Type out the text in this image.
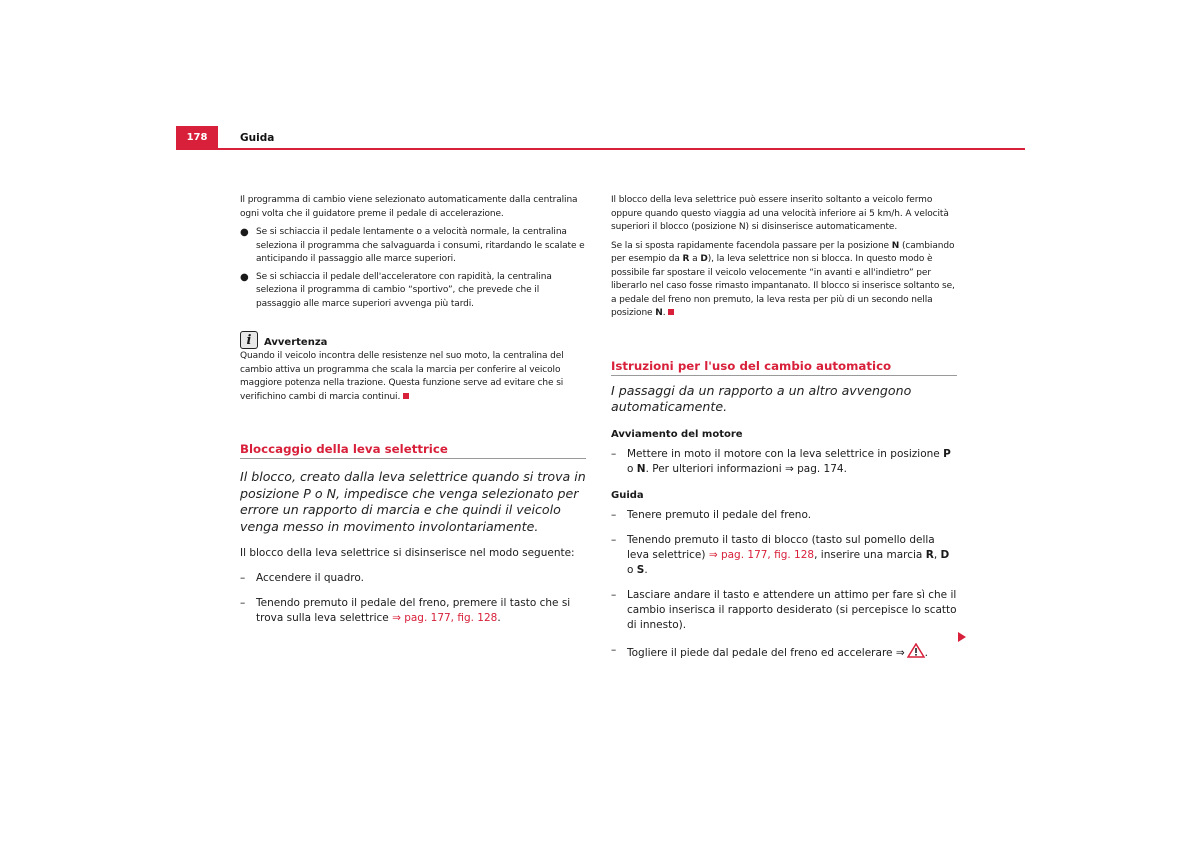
178	Guida

Il programma di cambio viene selezionato automaticamente dalla centralina ogni volta che il guidatore preme il pedale di accelerazione.

● Se si schiaccia il pedale lentamente o a velocità normale, la centralina seleziona il programma che salvaguarda i consumi, ritardando le scalate e anticipando il passaggio alle marce superiori.

● Se si schiaccia il pedale dell'acceleratore con rapidità, la centralina seleziona il programma di cambio “sportivo”, che prevede che il passaggio alle marce superiori avvenga più tardi.

i	Avvertenza

Quando il veicolo incontra delle resistenze nel suo moto, la centralina del cambio attiva un programma che scala la marcia per conferire al veicolo maggiore potenza nella trazione. Questa funzione serve ad evitare che si verifichino cambi di marcia continui.

Bloccaggio della leva selettrice

Il blocco, creato dalla leva selettrice quando si trova in posizione P o N, impedisce che venga selezionato per errore un rapporto di marcia e che quindi il veicolo venga messo in movimento involontariamente.

Il blocco della leva selettrice si disinserisce nel modo seguente:

–	Accendere il quadro.

–	Tenendo premuto il pedale del freno, premere il tasto che si trova sulla leva selettrice ⇒ pag. 177, fig. 128.

Il blocco della leva selettrice può essere inserito soltanto a veicolo fermo oppure quando questo viaggia ad una velocità inferiore ai 5 km/h. A velocità superiori il blocco (posizione N) si disinserisce automaticamente.

Se la si sposta rapidamente facendola passare per la posizione N (cambiando per esempio da R a D), la leva selettrice non si blocca. In questo modo è possibile far spostare il veicolo velocemente “in avanti e all'indietro” per liberarlo nel caso fosse rimasto impantanato. Il blocco si inserisce soltanto se, a pedale del freno non premuto, la leva resta per più di un secondo nella posizione N.

Istruzioni per l'uso del cambio automatico

I passaggi da un rapporto a un altro avvengono automaticamente.

Avviamento del motore

–	Mettere in moto il motore con la leva selettrice in posizione P o N. Per ulteriori informazioni ⇒ pag. 174.

Guida

–	Tenere premuto il pedale del freno.

–	Tenendo premuto il tasto di blocco (tasto sul pomello della leva selettrice) ⇒ pag. 177, fig. 128, inserire una marcia R, D o S.

–	Lasciare andare il tasto e attendere un attimo per fare sì che il cambio inserisca il rapporto desiderato (si percepisce lo scatto di innesto).

–	Togliere il piede dal pedale del freno ed accelerare ⇒ .
